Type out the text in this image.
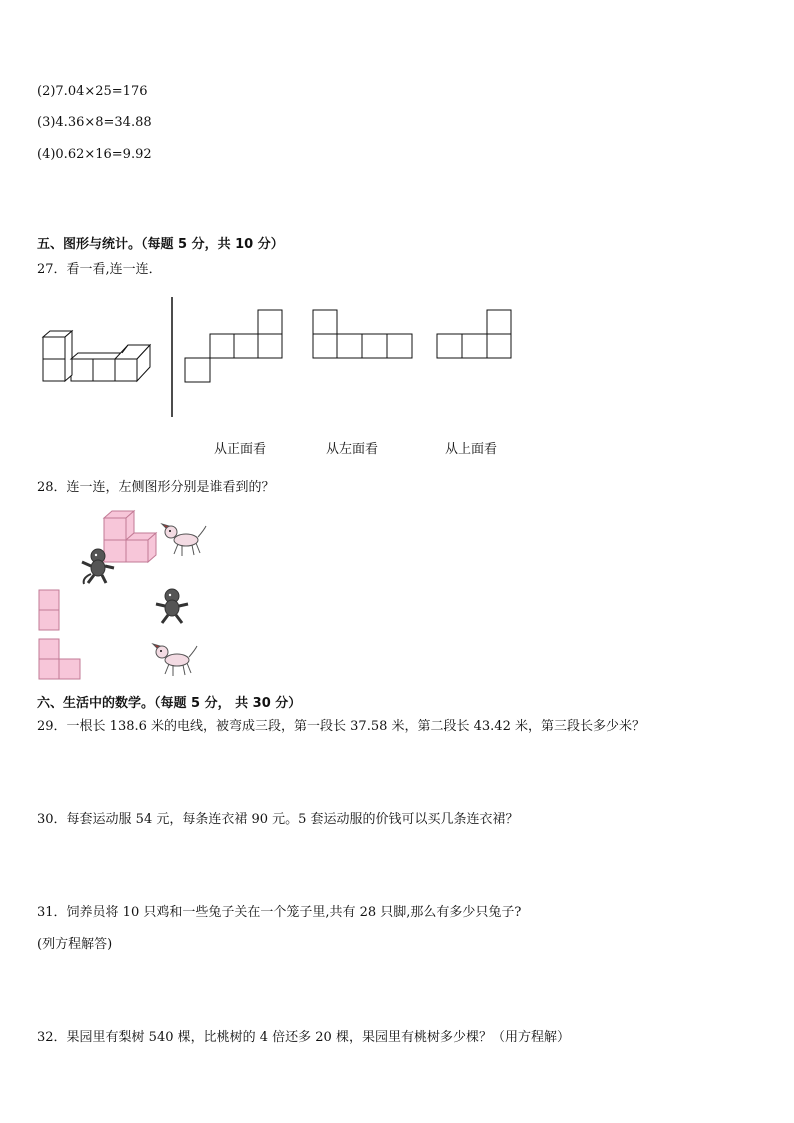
(2)7.04×25=176
(3)4.36×8=34.88
(4)0.62×16=9.92
五、图形与统计。（每题 5 分，共 10 分）
27．看一看,连一连．
从正面看	从左面看	从上面看
28．连一连，左侧图形分别是谁看到的？
六、生活中的数学。（每题 5 分， 共 30 分）
29．一根长 138.6 米的电线，被弯成三段，第一段长 37.58 米，第二段长 43.42 米，第三段长多少米？
30．每套运动服 54 元，每条连衣裙 90 元。5 套运动服的价钱可以买几条连衣裙？
31．饲养员将 10 只鸡和一些兔子关在一个笼子里,共有 28 只脚,那么有多少只兔子?
(列方程解答)
32．果园里有梨树 540 棵，比桃树的 4 倍还多 20 棵，果园里有桃树多少棵？（用方程解）
